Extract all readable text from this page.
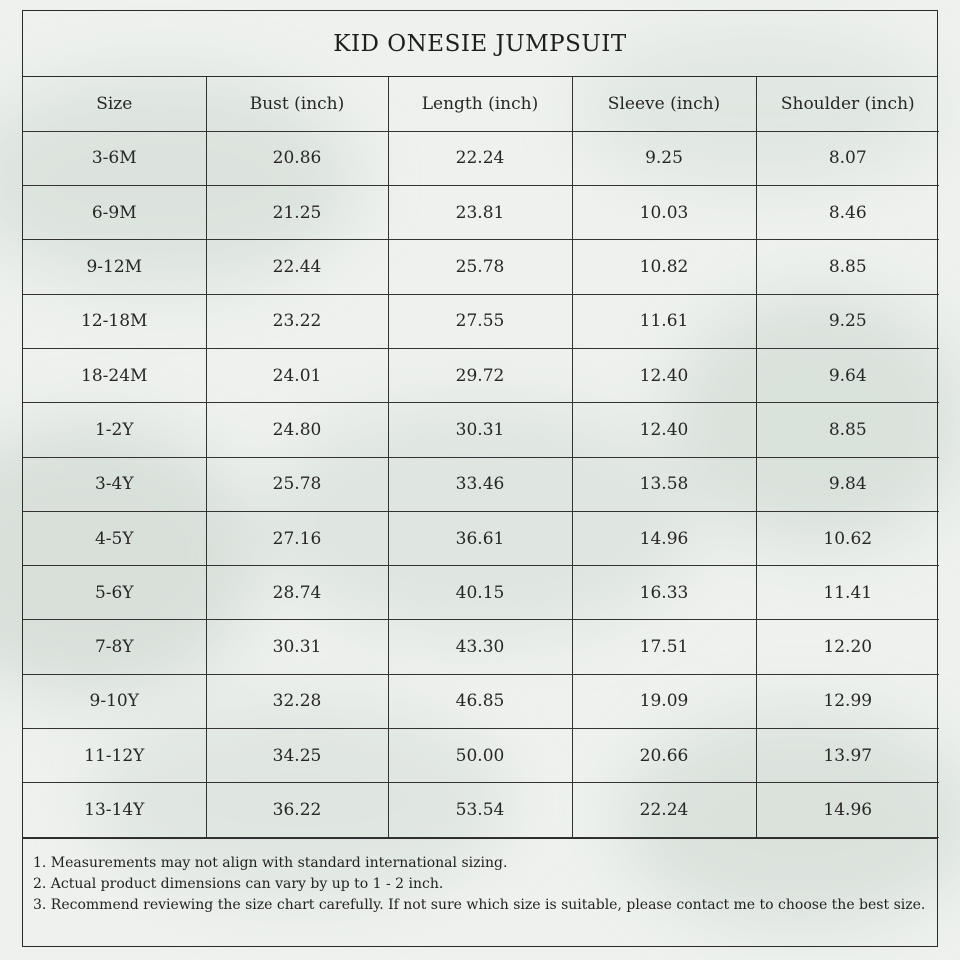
KID ONESIE JUMPSUIT
Size	Bust (inch)	Length (inch)	Sleeve (inch)	Shoulder (inch)
3-6M	20.86	22.24	9.25	8.07
6-9M	21.25	23.81	10.03	8.46
9-12M	22.44	25.78	10.82	8.85
12-18M	23.22	27.55	11.61	9.25
18-24M	24.01	29.72	12.40	9.64
1-2Y	24.80	30.31	12.40	8.85
3-4Y	25.78	33.46	13.58	9.84
4-5Y	27.16	36.61	14.96	10.62
5-6Y	28.74	40.15	16.33	11.41
7-8Y	30.31	43.30	17.51	12.20
9-10Y	32.28	46.85	19.09	12.99
11-12Y	34.25	50.00	20.66	13.97
13-14Y	36.22	53.54	22.24	14.96
1. Measurements may not align with standard international sizing.
2. Actual product dimensions can vary by up to 1 - 2 inch.
3. Recommend reviewing the size chart carefully. If not sure which size is suitable, please contact me to choose the best size.
